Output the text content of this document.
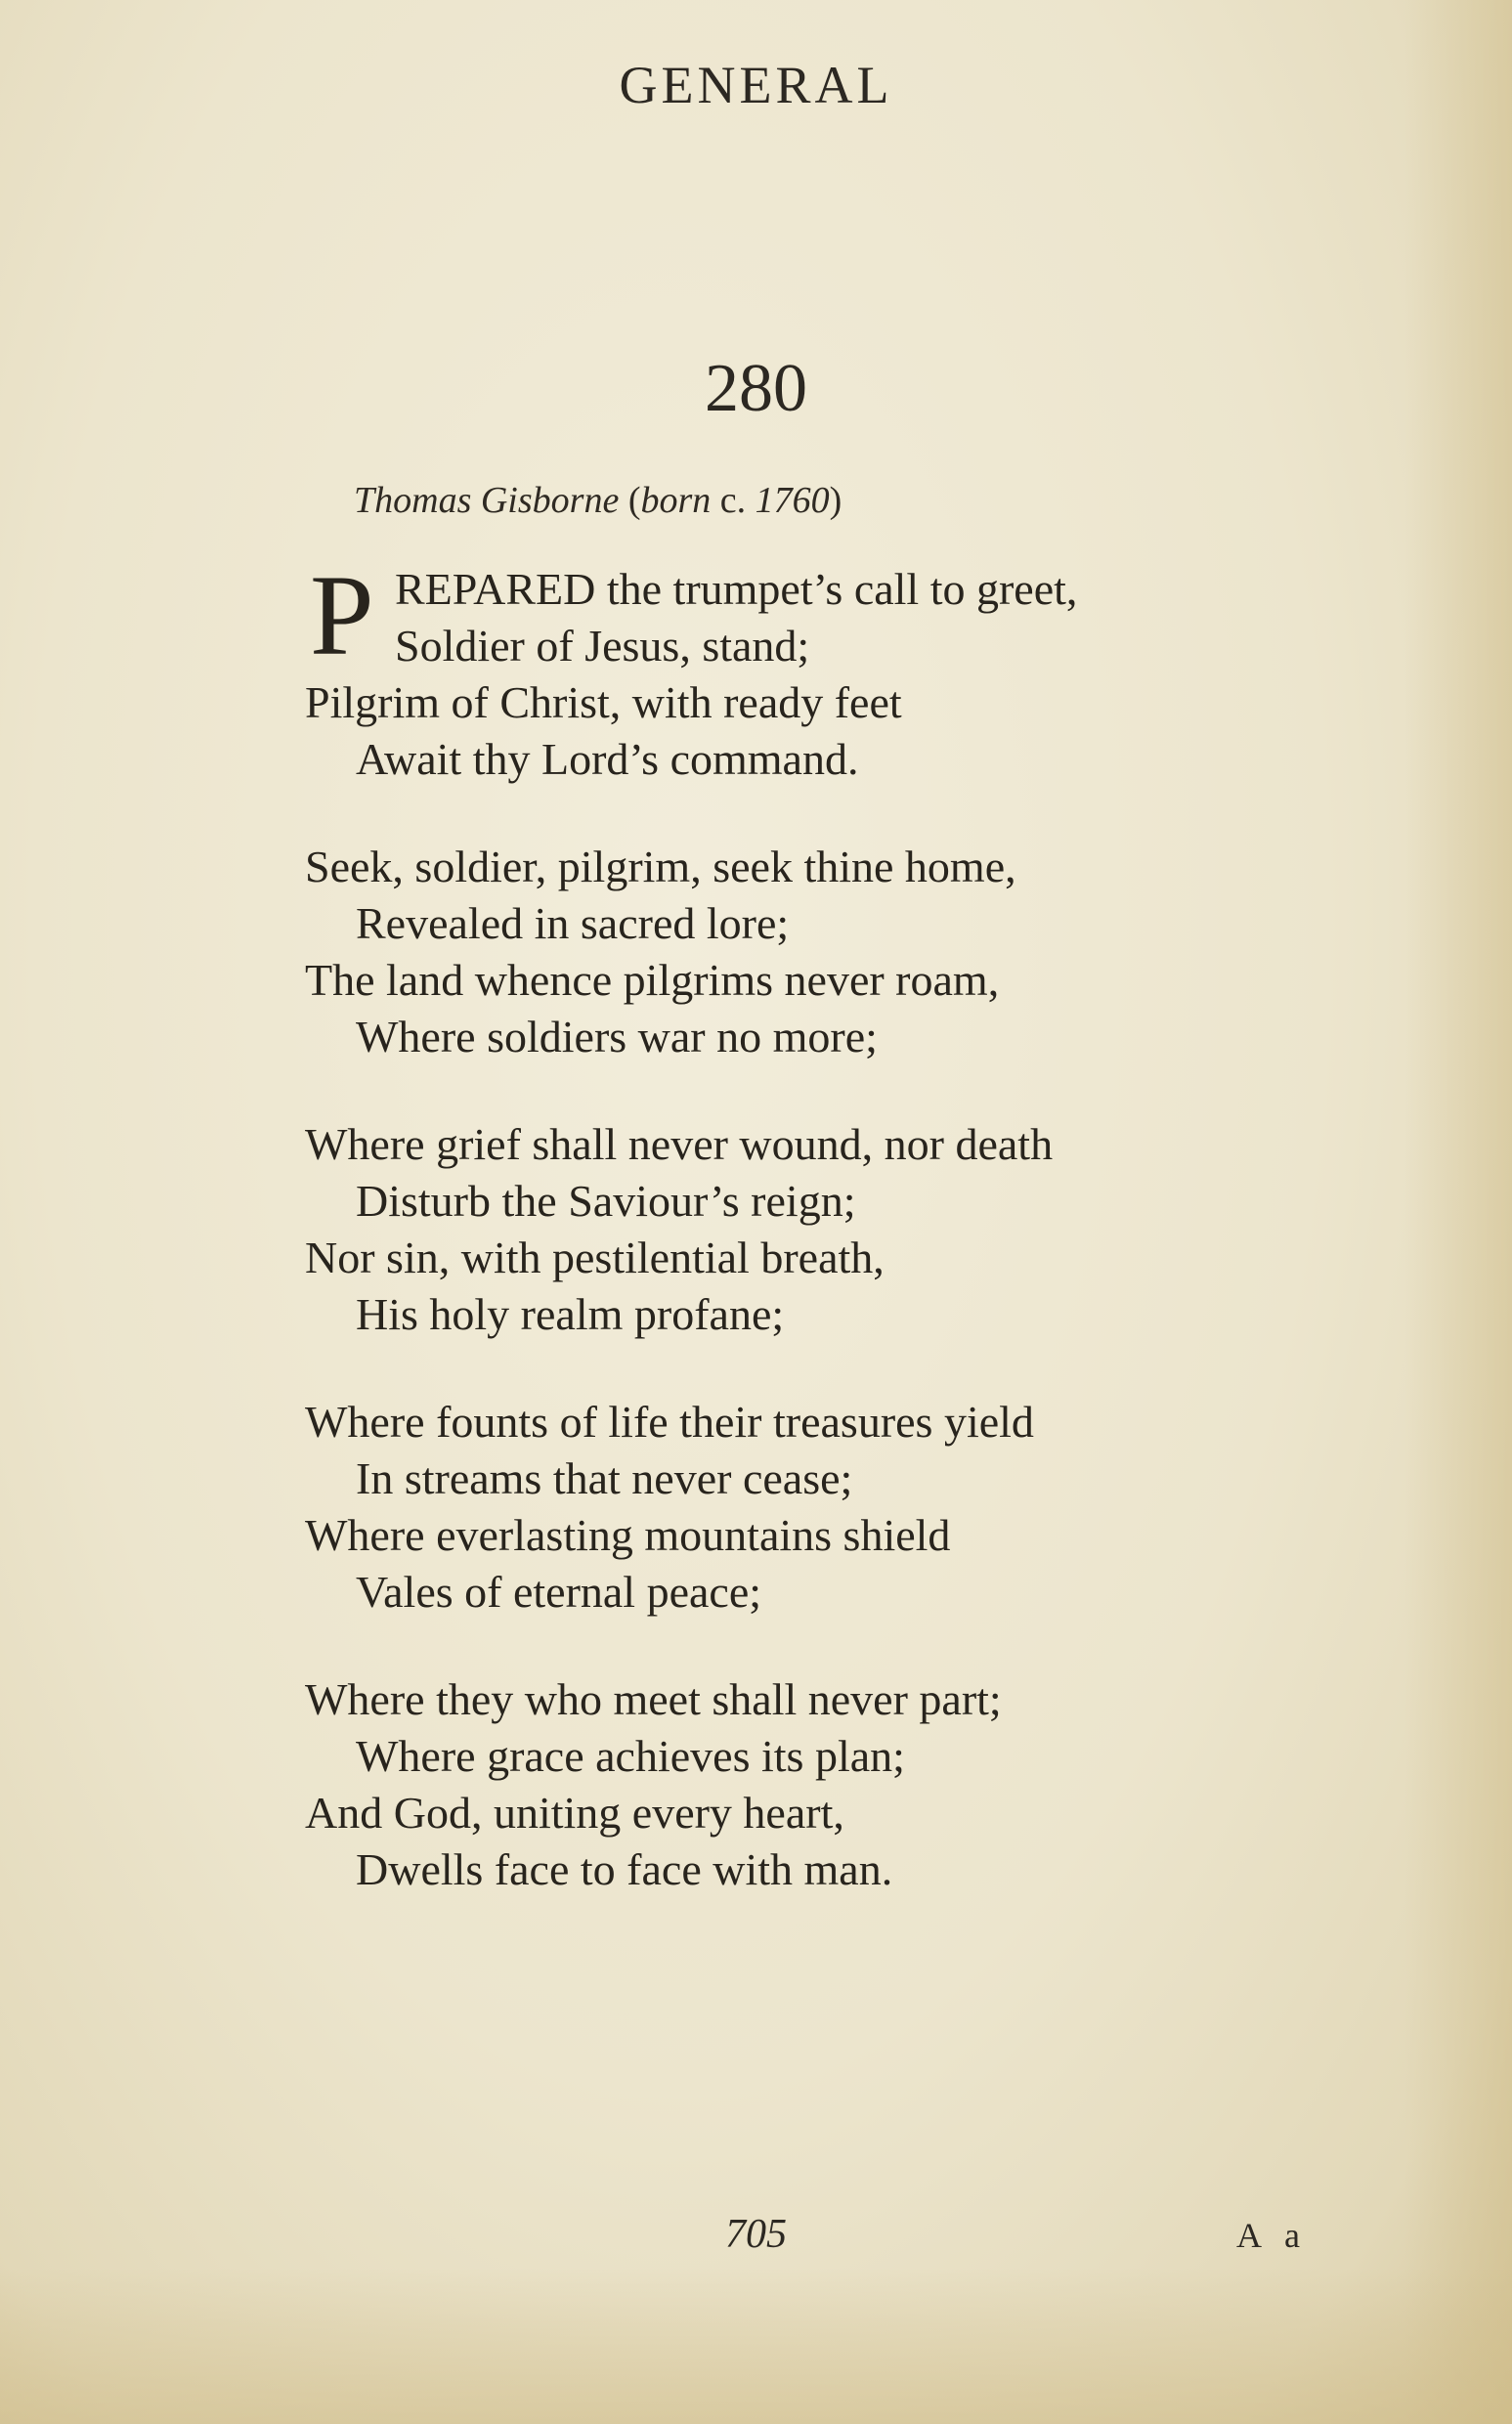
GENERAL
280
Thomas Gisborne (born c. 1760)
P REPARED the trumpet’s call to greet,
Soldier of Jesus, stand;
Pilgrim of Christ, with ready feet
Await thy Lord’s command.
Seek, soldier, pilgrim, seek thine home,
Revealed in sacred lore;
The land whence pilgrims never roam,
Where soldiers war no more;
Where grief shall never wound, nor death
Disturb the Saviour’s reign;
Nor sin, with pestilential breath,
His holy realm profane;
Where founts of life their treasures yield
In streams that never cease;
Where everlasting mountains shield
Vales of eternal peace;
Where they who meet shall never part;
Where grace achieves its plan;
And God, uniting every heart,
Dwells face to face with man.
705	A a
